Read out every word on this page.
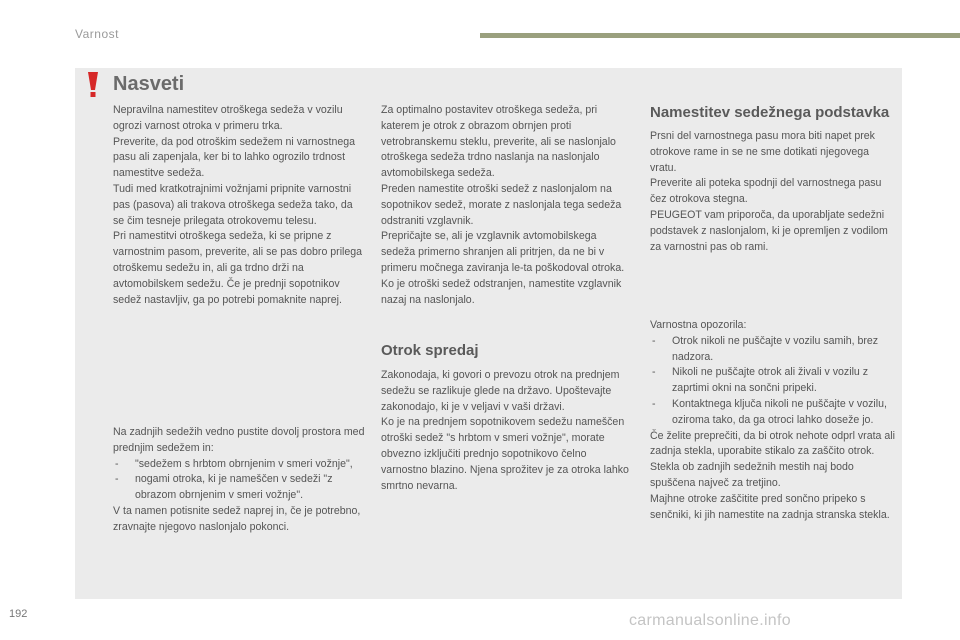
Varnost
Nasveti

Nepravilna namestitev otroškega sedeža v vozilu ogrozi varnost otroka v primeru trka.

Preverite, da pod otroškim sedežem ni varnostnega pasu ali zapenjala, ker bi to lahko ogrozilo trdnost namestitve sedeža.

Tudi med kratkotrajnimi vožnjami pripnite varnostni pas (pasova) ali trakova otroškega sedeža tako, da se čim tesneje prilegata otrokovemu telesu.

Pri namestitvi otroškega sedeža, ki se pripne z varnostnim pasom, preverite, ali se pas dobro prilega otroškemu sedežu in, ali ga trdno drži na avtomobilskem sedežu. Če je prednji sopotnikov sedež nastavljiv, ga po potrebi pomaknite naprej.

Na zadnjih sedežih vedno pustite dovolj prostora med prednjim sedežem in:

- "sedežem s hrbtom obrnjenim v smeri vožnje",
- nogami otroka, ki je nameščen v sedeži "z obrazom obrnjenim v smeri vožnje".

V ta namen potisnite sedež naprej in, če je potrebno, zravnajte njegovo naslonjalo pokonci.

Za optimalno postavitev otroškega sedeža, pri katerem je otrok z obrazom obrnjen proti vetrobranskemu steklu, preverite, ali se naslonjalo otroškega sedeža trdno naslanja na naslonjalo avtomobilskega sedeža.

Preden namestite otroški sedež z naslonjalom na sopotnikov sedež, morate z naslonjala tega sedeža odstraniti vzglavnik.

Prepričajte se, ali je vzglavnik avtomobilskega sedeža primerno shranjen ali pritrjen, da ne bi v primeru močnega zaviranja le-ta poškodoval otroka. Ko je otroški sedež odstranjen, namestite vzglavnik nazaj na naslonjalo.

Otrok spredaj

Zakonodaja, ki govori o prevozu otrok na prednjem sedežu se razlikuje glede na državo. Upoštevajte zakonodajo, ki je v veljavi v vaši državi.

Ko je na prednjem sopotnikovem sedežu nameščen otroški sedež "s hrbtom v smeri vožnje", morate obvezno izključiti prednjo sopotnikovo čelno varnostno blazino. Njena sprožitev je za otroka lahko smrtno nevarna.

Namestitev sedežnega podstavka

Prsni del varnostnega pasu mora biti napet prek otrokove rame in se ne sme dotikati njegovega vratu.

Preverite ali poteka spodnji del varnostnega pasu čez otrokova stegna.

PEUGEOT vam priporoča, da uporabljate sedežni podstavek z naslonjalom, ki je opremljen z vodilom za varnostni pas ob rami.

Varnostna opozorila:

- Otrok nikoli ne puščajte v vozilu samih, brez nadzora.
- Nikoli ne puščajte otrok ali živali v vozilu z zaprtimi okni na sončni pripeki.
- Kontaktnega ključa nikoli ne puščajte v vozilu, oziroma tako, da ga otroci lahko doseže jo.

Če želite preprečiti, da bi otrok nehote odprl vrata ali zadnja stekla, uporabite stikalo za zaščito otrok.

Stekla ob zadnjih sedežnih mestih naj bodo spuščena največ za tretjino.

Majhne otroke zaščitite pred sončno pripeko s senčniki, ki jih namestite na zadnja stranska stekla.

192	carmanualsonline.info
